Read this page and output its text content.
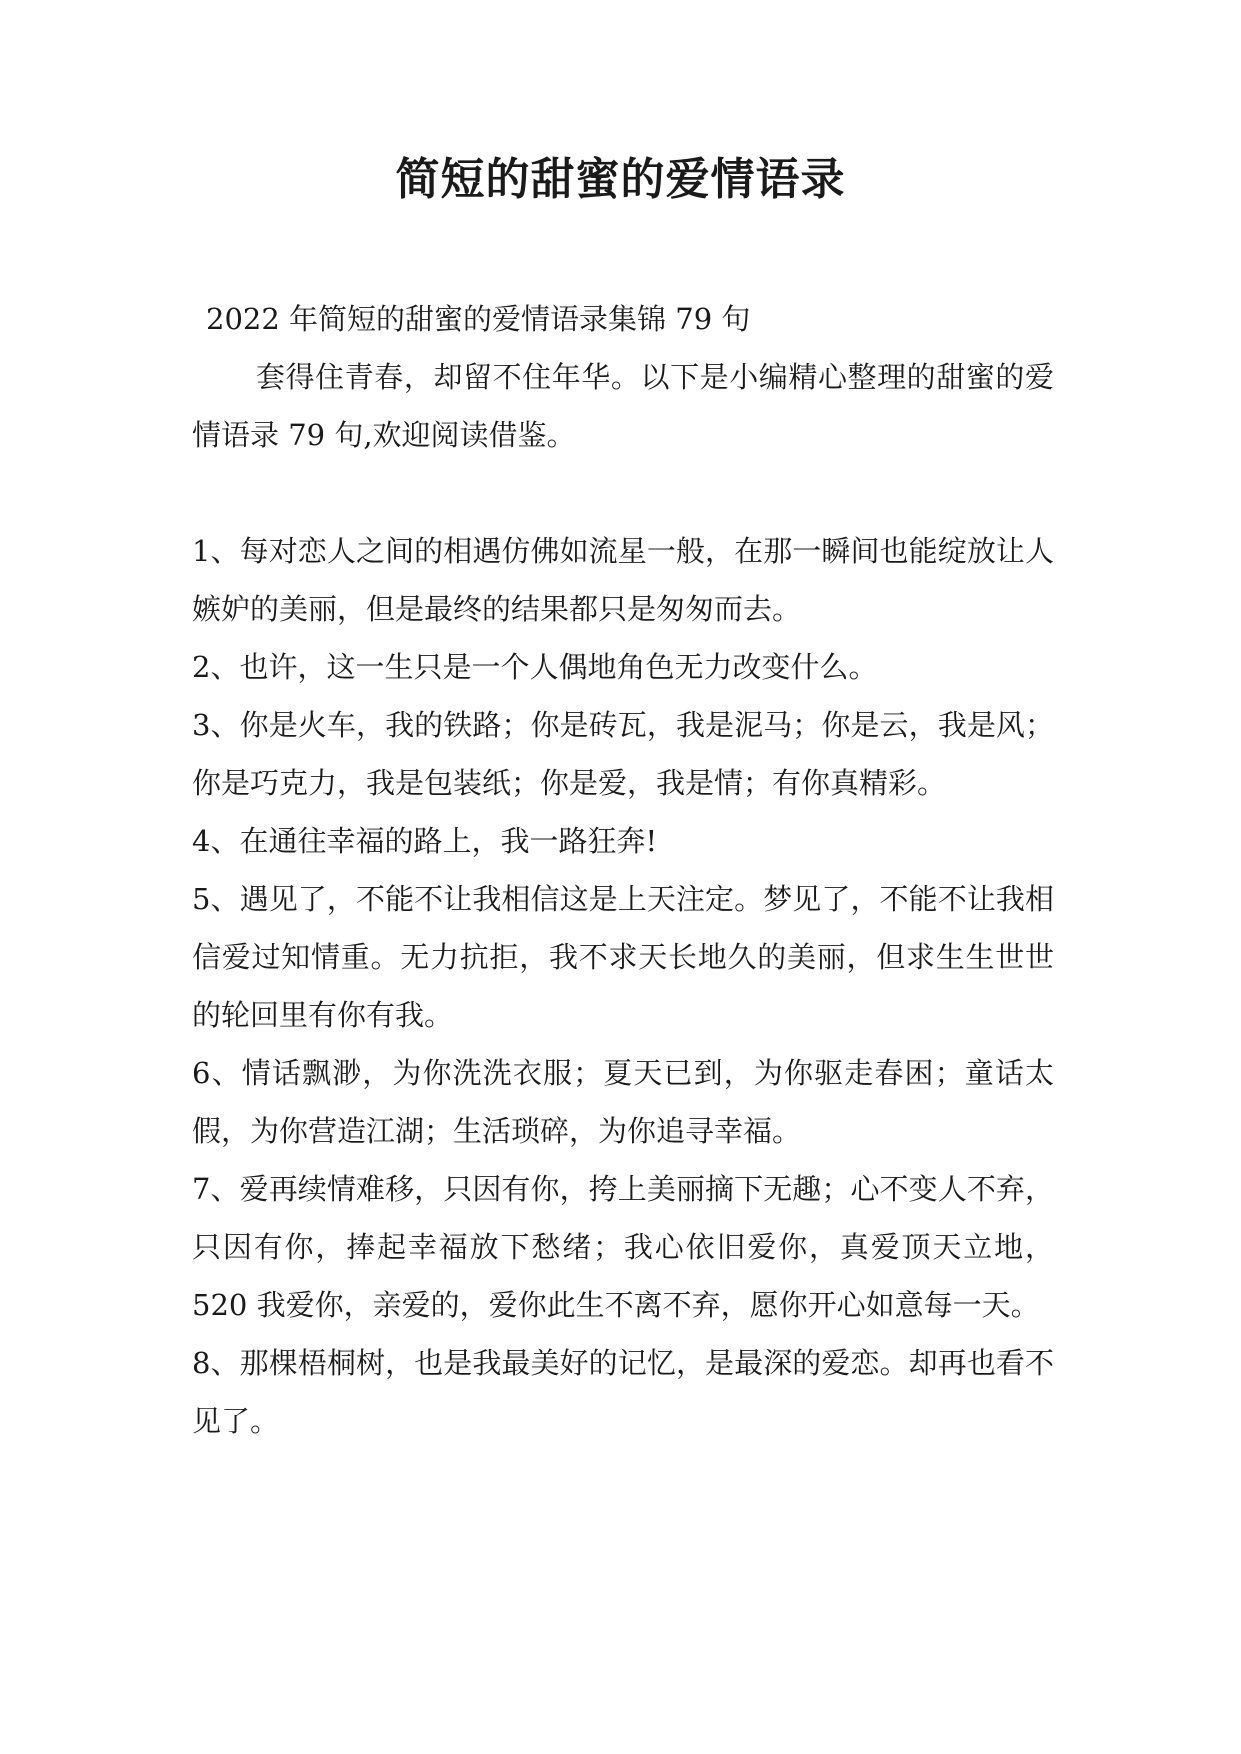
简短的甜蜜的爱情语录

2022 年简短的甜蜜的爱情语录集锦 79 句

套得住青春，却留不住年华。以下是小编精心整理的甜蜜的爱情语录 79 句,欢迎阅读借鉴。

1、每对恋人之间的相遇仿佛如流星一般，在那一瞬间也能绽放让人嫉妒的美丽，但是最终的结果都只是匆匆而去。

2、也许，这一生只是一个人偶地角色无力改变什么。

3、你是火车，我的铁路；你是砖瓦，我是泥马；你是云，我是风；你是巧克力，我是包装纸；你是爱，我是情；有你真精彩。

4、在通往幸福的路上，我一路狂奔!

5、遇见了，不能不让我相信这是上天注定。梦见了，不能不让我相信爱过知情重。无力抗拒，我不求天长地久的美丽，但求生生世世的轮回里有你有我。

6、情话飘渺，为你洗洗衣服；夏天已到，为你驱走春困；童话太假，为你营造江湖；生活琐碎，为你追寻幸福。

7、爱再续情难移，只因有你，挎上美丽摘下无趣；心不变人不弃，只因有你，捧起幸福放下愁绪；我心依旧爱你，真爱顶天立地，520 我爱你，亲爱的，爱你此生不离不弃，愿你开心如意每一天。

8、那棵梧桐树，也是我最美好的记忆，是最深的爱恋。却再也看不见了。
